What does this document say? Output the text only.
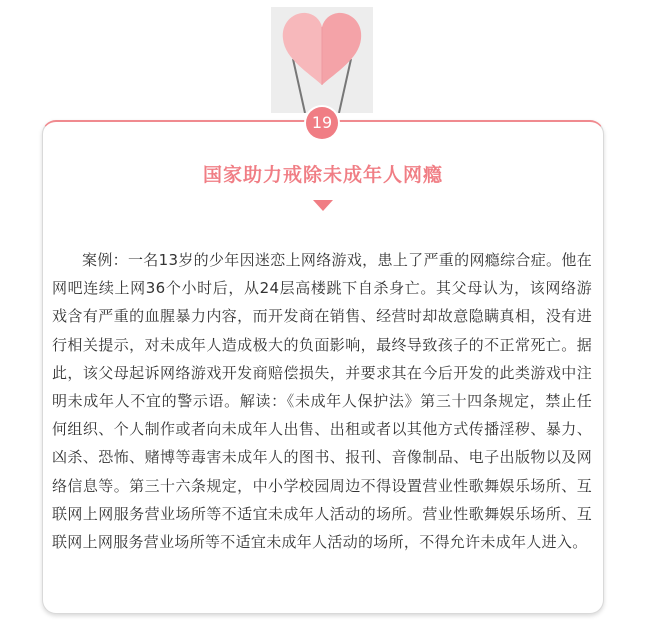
19
国家助力戒除未成年人网瘾

案例：一名13岁的少年因迷恋上网络游戏，患上了严重的网瘾综合症。他在网吧连续上网36个小时后，从24层高楼跳下自杀身亡。其父母认为，该网络游戏含有严重的血腥暴力内容，而开发商在销售、经营时却故意隐瞒真相，没有进行相关提示，对未成年人造成极大的负面影响，最终导致孩子的不正常死亡。据此，该父母起诉网络游戏开发商赔偿损失，并要求其在今后开发的此类游戏中注明未成年人不宜的警示语。解读：《未成年人保护法》第三十四条规定，禁止任何组织、个人制作或者向未成年人出售、出租或者以其他方式传播淫秽、暴力、凶杀、恐怖、赌博等毒害未成年人的图书、报刊、音像制品、电子出版物以及网络信息等。第三十六条规定，中小学校园周边不得设置营业性歌舞娱乐场所、互联网上网服务营业场所等不适宜未成年人活动的场所。营业性歌舞娱乐场所、互联网上网服务营业场所等不适宜未成年人活动的场所，不得允许未成年人进入。
